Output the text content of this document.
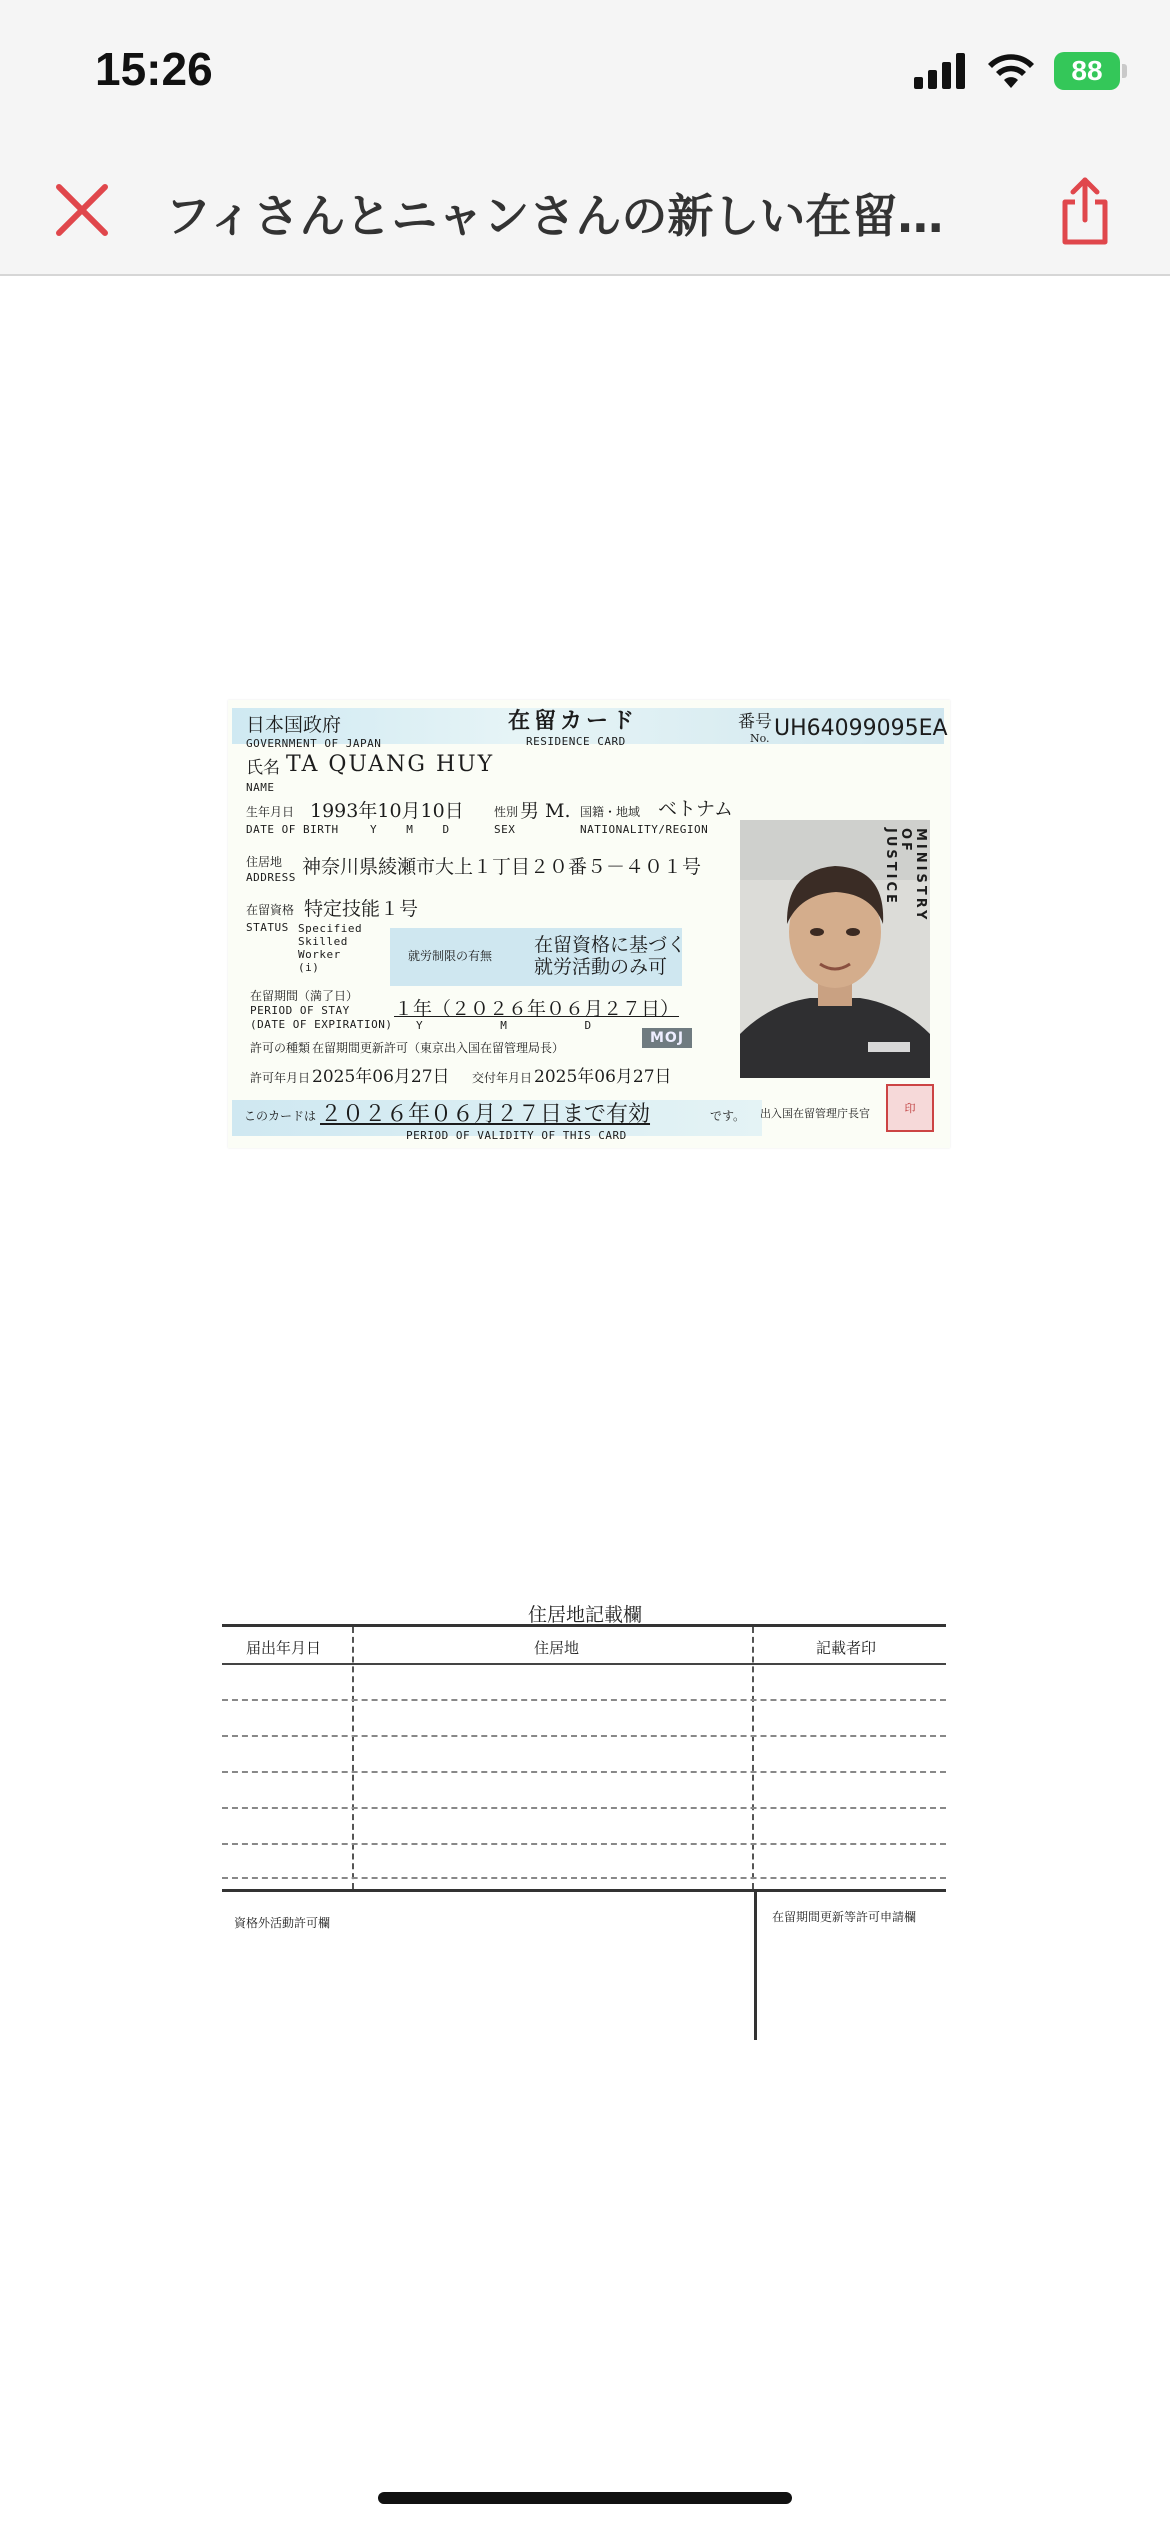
15:26	88
フィさんとニャンさんの新しい在留…
日本国政府
GOVERNMENT OF JAPAN
在留カード
RESIDENCE CARD
番号
No. UH64099095EA
氏名
NAME
TA QUANG HUY
生年月日
DATE OF BIRTH
1993年10月10日
Y M D
性別
SEX
男 M. 国籍・地域
NATIONALITY/REGION
ベトナム
住居地
ADDRESS 神奈川県綾瀬市大上１丁目２０番５－４０１号
在留資格 特定技能１号
STATUS Specified Skilled Worker (i)
就労制限の有無 在留資格に基づく
就労活動のみ可
在留期間（満了日）
PERIOD OF STAY
(DATE OF EXPIRATION)
１年（２０２６年０６月２７日）
Y M D
許可の種類 在留期間更新許可（東京出入国在留管理局長）
MOJ
許可年月日 2025年06月27日 交付年月日 2025年06月27日
このカードは ２０２６年０６月２７日まで有効	です。
PERIOD OF VALIDITY OF THIS CARD
出入国在留管理庁長官	印
MINISTRY OF JUSTICE
住居地記載欄
届出年月日	住居地	記載者印
資格外活動許可欄	在留期間更新等許可申請欄
